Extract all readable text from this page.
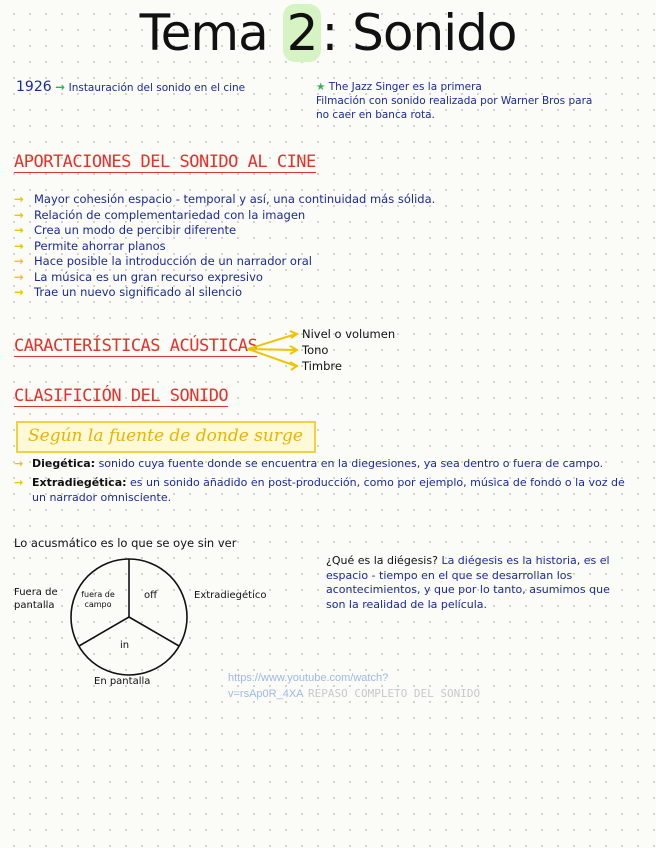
Tema 2: Sonido
1926 → Instauración del sonido en el cine	★ The Jazz Singer es la primera
Filmación con sonido realizada por Warner Bros para
no caer en banca rota.
APORTACIONES DEL SONIDO AL CINE
→ Mayor cohesión espacio - temporal y así, una continuidad más sólida.
→ Relación de complementariedad con la imagen
→ Crea un modo de percibir diferente
→ Permite ahorrar planos
→ Hace posible la introducción de un narrador oral
→ La música es un gran recurso expresivo
→ Trae un nuevo significado al silencio
CARACTERÍSTICAS ACÚSTICAS
Nivel o volumen
Tono
Timbre
CLASIFICIÓN DEL SONIDO
Según la fuente de donde surge
→ Diegética: sonido cuya fuente donde se encuentra en la diegesiones, ya sea dentro o fuera de campo.
→ Extradiegética: es un sonido añadido en post-producción, como por ejemplo, música de fondo o la voz de un narrador omnisciente.
Lo acusmático es lo que se oye sin ver
Fuera de pantalla
Extradiegético
En pantalla
fuera de campo
off
in
¿Qué es la diégesis? La diégesis es la historia, es el espacio - tiempo en el que se desarrollan los acontecimientos, y que por lo tanto, asumimos que son la realidad de la película.
https://www.youtube.com/watch?
v=rsAp0R_4XA REPASO COMPLETO DEL SONIDO
